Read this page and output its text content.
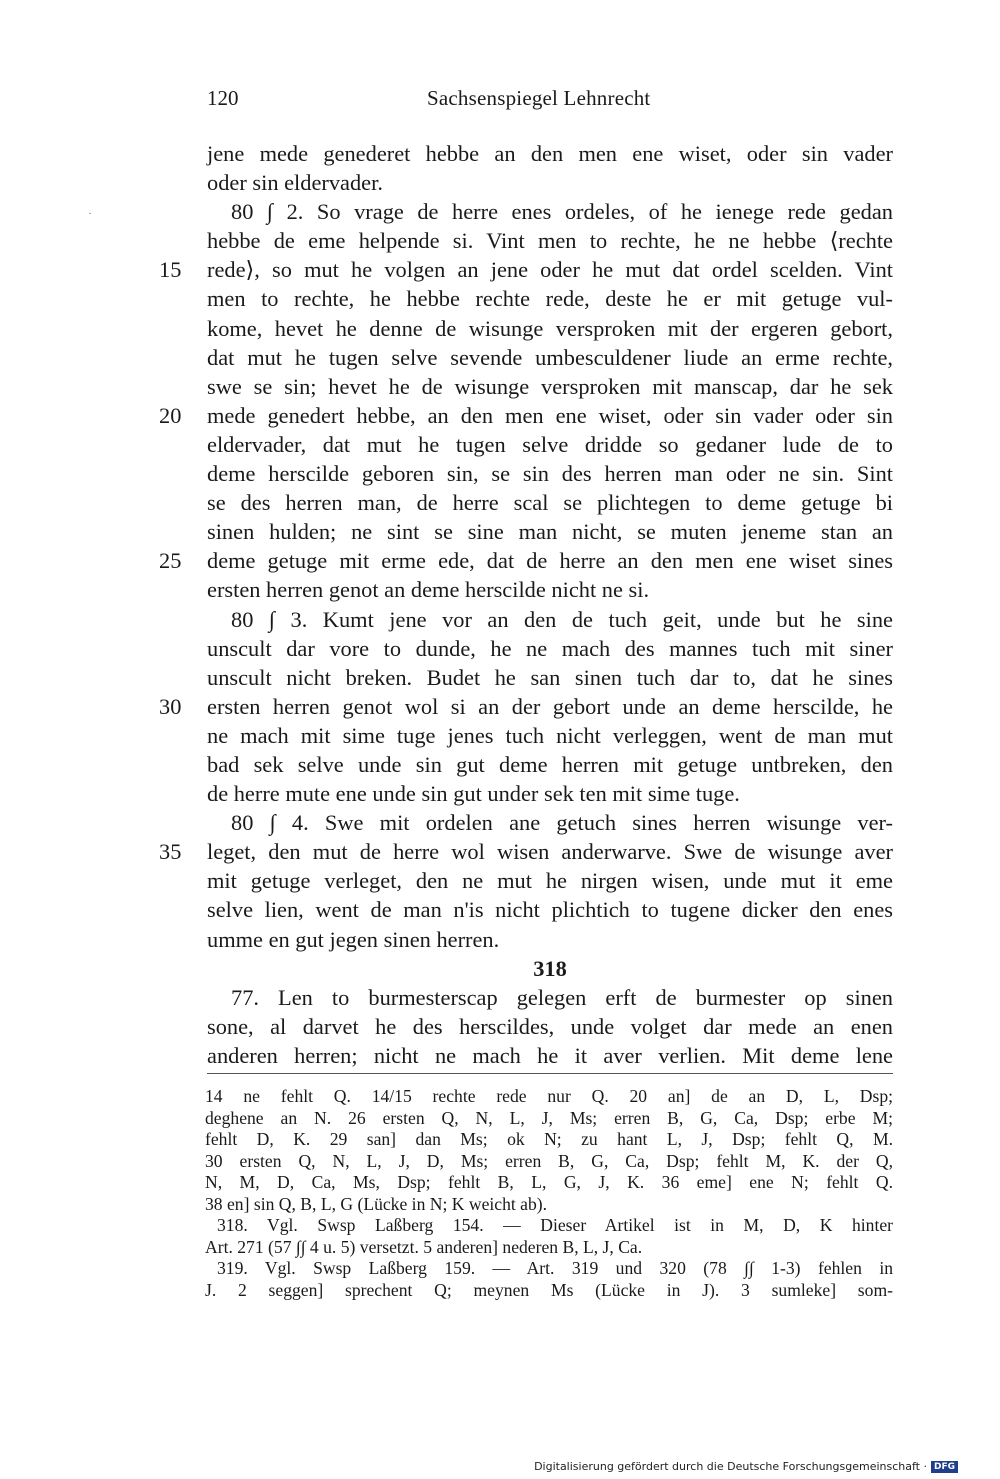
120	Sachsenspiegel Lehnrecht
·
jene mede genederet hebbe an den men ene wiset, oder sin vader
oder sin eldervader.
80 ∫ 2. So vrage de herre enes ordeles, of he ienege rede gedan
hebbe de eme helpende si. Vint men to rechte, he ne hebbe ⟨rechte
15 rede⟩, so mut he volgen an jene oder he mut dat ordel scelden. Vint
men to rechte, he hebbe rechte rede, deste he er mit getuge vul-
kome, hevet he denne de wisunge versproken mit der ergeren gebort,
dat mut he tugen selve sevende umbesculdener liude an erme rechte,
swe se sin; hevet he de wisunge versproken mit manscap, dar he sek
20 mede genedert hebbe, an den men ene wiset, oder sin vader oder sin
eldervader, dat mut he tugen selve dridde so gedaner lude de to
deme herscilde geboren sin, se sin des herren man oder ne sin. Sint
se des herren man, de herre scal se plichtegen to deme getuge bi
sinen hulden; ne sint se sine man nicht, se muten jeneme stan an
25 deme getuge mit erme ede, dat de herre an den men ene wiset sines
ersten herren genot an deme herscilde nicht ne si.
80 ∫ 3. Kumt jene vor an den de tuch geit, unde but he sine
unscult dar vore to dunde, he ne mach des mannes tuch mit siner
unscult nicht breken. Budet he san sinen tuch dar to, dat he sines
30 ersten herren genot wol si an der gebort unde an deme herscilde, he
ne mach mit sime tuge jenes tuch nicht verleggen, went de man mut
bad sek selve unde sin gut deme herren mit getuge untbreken, den
de herre mute ene unde sin gut under sek ten mit sime tuge.
80 ∫ 4. Swe mit ordelen ane getuch sines herren wisunge ver-
35 leget, den mut de herre wol wisen anderwarve. Swe de wisunge aver
mit getuge verleget, den ne mut he nirgen wisen, unde mut it eme
selve lien, went de man n'is nicht plichtich to tugene dicker den enes
umme en gut jegen sinen herren.
318
77. Len to burmesterscap gelegen erft de burmester op sinen
sone, al darvet he des herscildes, unde volget dar mede an enen
anderen herren; nicht ne mach he it aver verlien. Mit deme lene
14 ne fehlt Q. 14/15 rechte rede nur Q. 20 an] de an D, L, Dsp;
deghene an N. 26 ersten Q, N, L, J, Ms; erren B, G, Ca, Dsp; erbe M;
fehlt D, K. 29 san] dan Ms; ok N; zu hant L, J, Dsp; fehlt Q, M.
30 ersten Q, N, L, J, D, Ms; erren B, G, Ca, Dsp; fehlt M, K. der Q,
N, M, D, Ca, Ms, Dsp; fehlt B, L, G, J, K. 36 eme] ene N; fehlt Q.
38 en] sin Q, B, L, G (Lücke in N; K weicht ab).
318. Vgl. Swsp Laßberg 154. — Dieser Artikel ist in M, D, K hinter
Art. 271 (57 ∫∫ 4 u. 5) versetzt. 5 anderen] nederen B, L, J, Ca.
319. Vgl. Swsp Laßberg 159. — Art. 319 und 320 (78 ∫∫ 1-3) fehlen in
J. 2 seggen] sprechent Q; meynen Ms (Lücke in J). 3 sumleke] som-
Digitalisierung gefördert durch die Deutsche Forschungsgemeinschaft · DFG
